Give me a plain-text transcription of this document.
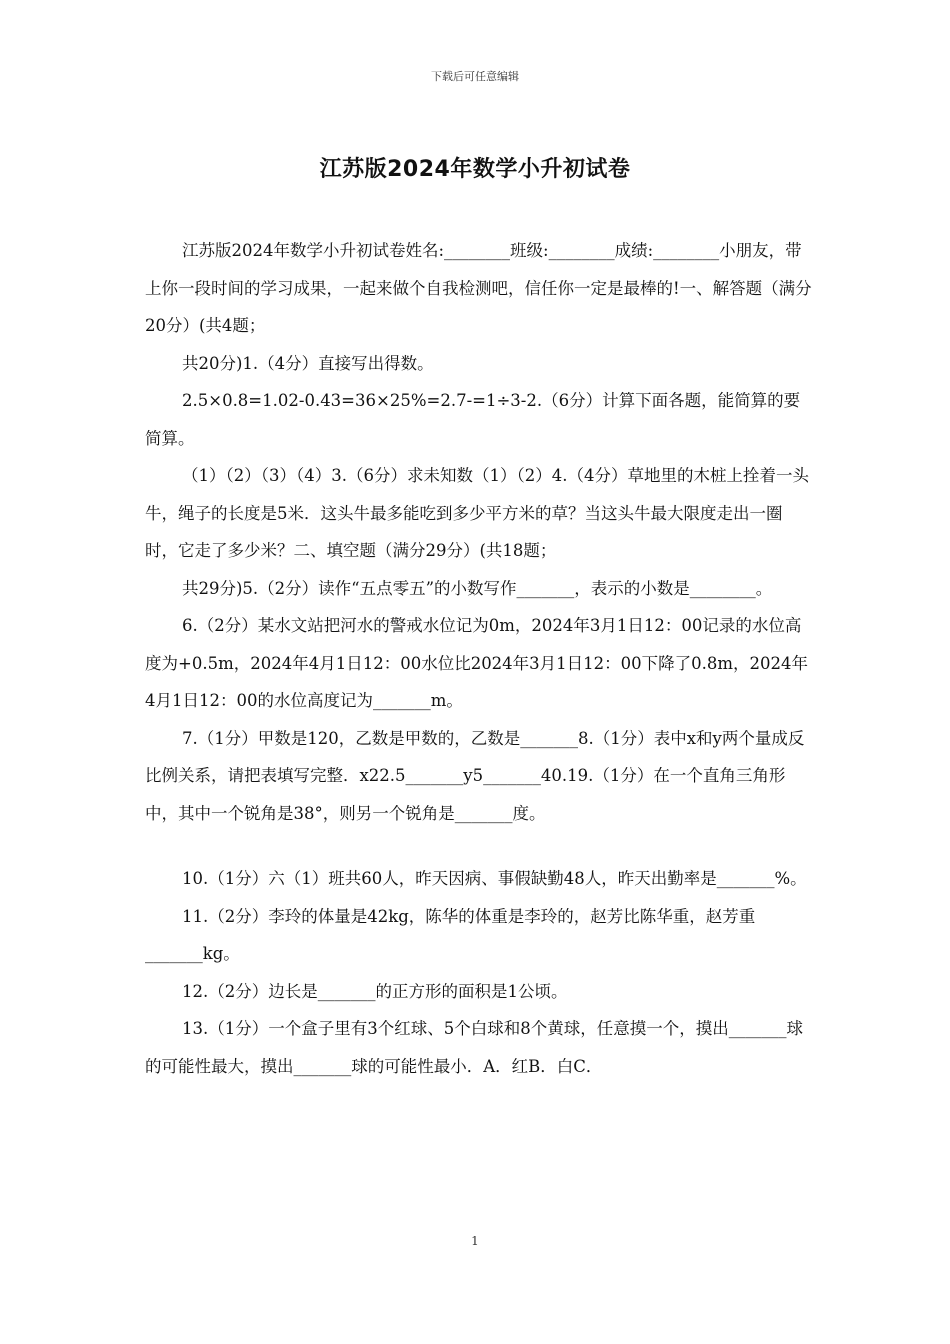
下载后可任意编辑
江苏版2024年数学小升初试卷

江苏版2024年数学小升初试卷姓名:________班级:________成绩:________小朋友，带上你一段时间的学习成果，一起来做个自我检测吧，信任你一定是最棒的!一、解答题（满分20分）(共4题；

共20分)1.（4分）直接写出得数。

2.5×0.8=1.02-0.43=36×25%=2.7-=1÷3-2.（6分）计算下面各题，能简算的要简算。

（1）（2）（3）（4）3.（6分）求未知数（1）（2）4.（4分）草地里的木桩上拴着一头牛，绳子的长度是5米．这头牛最多能吃到多少平方米的草？当这头牛最大限度走出一圈时，它走了多少米？二、填空题（满分29分）(共18题；

共29分)5.（2分）读作“五点零五”的小数写作_______，表示的小数是________。

6.（2分）某水文站把河水的警戒水位记为0m，2024年3月1日12：00记录的水位高度为+0.5m，2024年4月1日12：00水位比2024年3月1日12：00下降了0.8m，2024年4月1日12：00的水位高度记为_______m。

7.（1分）甲数是120，乙数是甲数的，乙数是_______8.（1分）表中x和y两个量成反比例关系，请把表填写完整．x22.5_______y5_______40.19.（1分）在一个直角三角形中，其中一个锐角是38°，则另一个锐角是_______度。

10.（1分）六（1）班共60人，昨天因病、事假缺勤48人，昨天出勤率是_______%。

11.（2分）李玲的体量是42kg，陈华的体重是李玲的，赵芳比陈华重，赵芳重_______kg。

12.（2分）边长是_______的正方形的面积是1公顷。

13.（1分）一个盒子里有3个红球、5个白球和8个黄球，任意摸一个，摸出_______球的可能性最大，摸出_______球的可能性最小．A．红B．白C．

1
